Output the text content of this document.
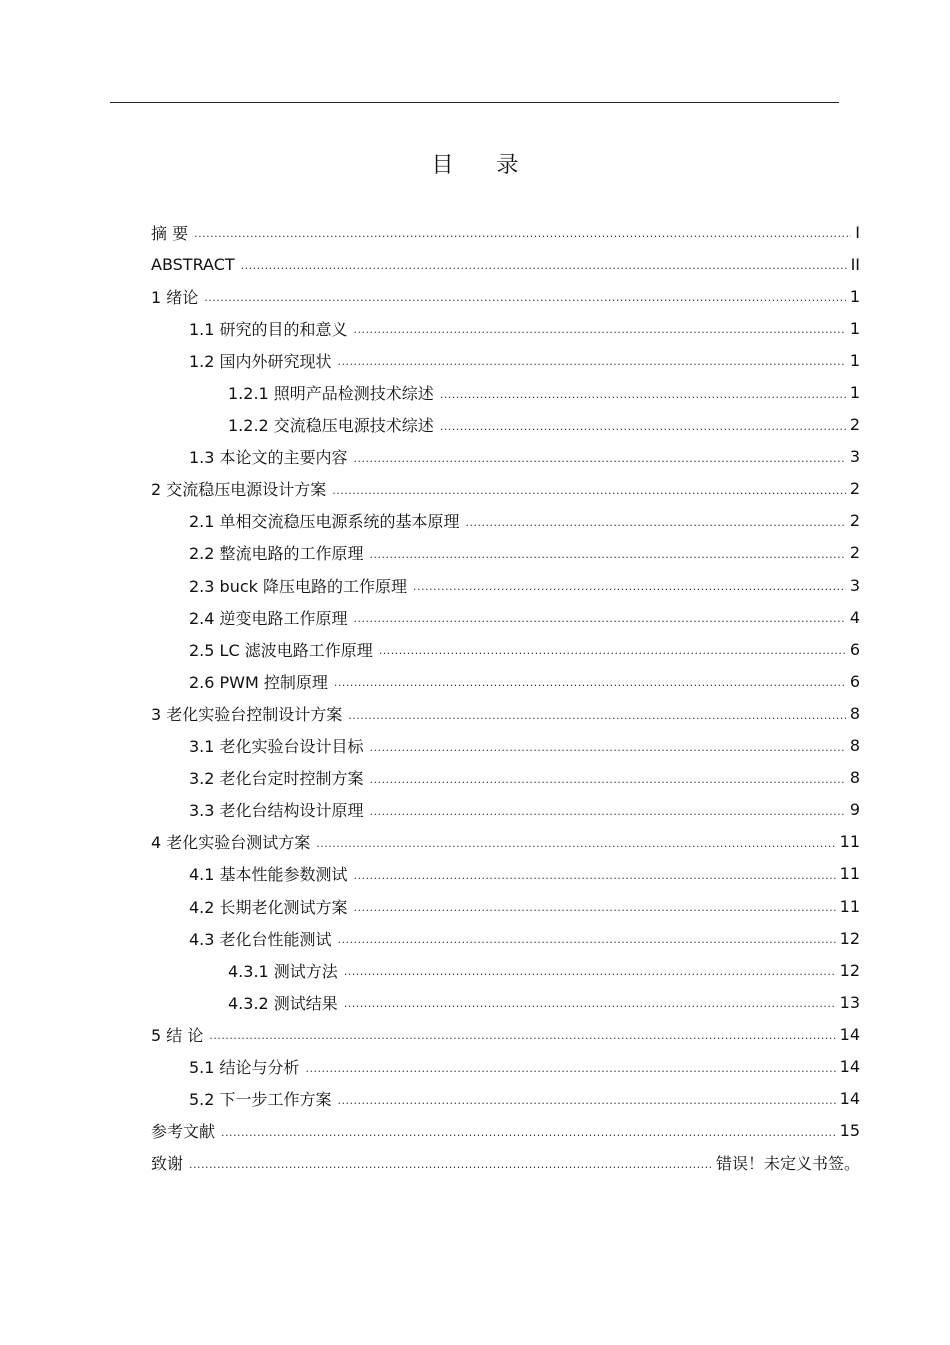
目 录
摘 要 .....	I
ABSTRACT .....	II
1 绪论 .....	1
1.1 研究的目的和意义 .....	1
1.2 国内外研究现状 .....	1
1.2.1 照明产品检测技术综述 .....	1
1.2.2 交流稳压电源技术综述 .....	2
1.3 本论文的主要内容 .....	3
2 交流稳压电源设计方案 .....	2
2.1 单相交流稳压电源系统的基本原理 .....	2
2.2 整流电路的工作原理 .....	2
2.3 buck 降压电路的工作原理 .....	3
2.4 逆变电路工作原理 .....	4
2.5 LC 滤波电路工作原理 .....	6
2.6 PWM 控制原理 .....	6
3 老化实验台控制设计方案 .....	8
3.1 老化实验台设计目标 .....	8
3.2 老化台定时控制方案 .....	8
3.3 老化台结构设计原理 .....	9
4 老化实验台测试方案 .....	11
4.1 基本性能参数测试 .....	11
4.2 长期老化测试方案 .....	11
4.3 老化台性能测试 .....	12
4.3.1 测试方法 .....	12
4.3.2 测试结果 .....	13
5 结 论 .....	14
5.1 结论与分析 .....	14
5.2 下一步工作方案 .....	14
参考文献 .....	15
致谢 .....	错误！未定义书签。
